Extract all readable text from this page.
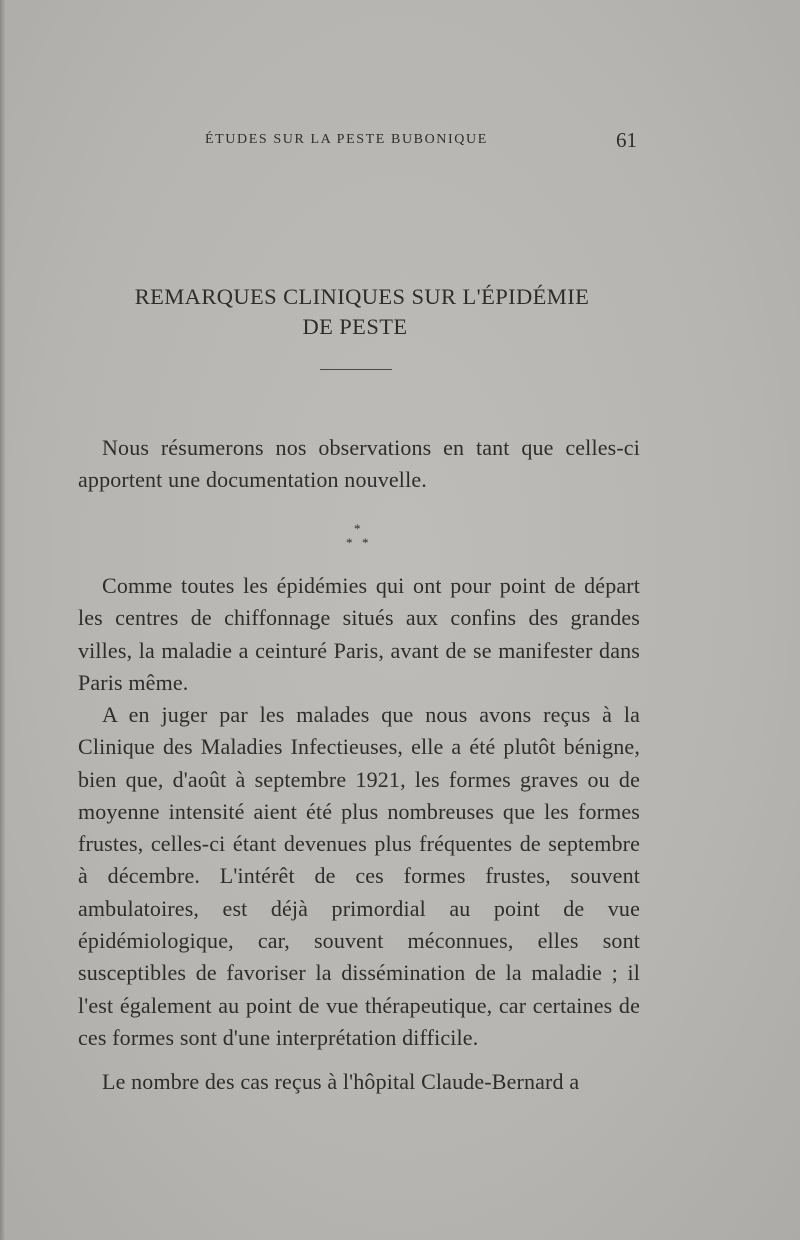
ÉTUDES SUR LA PESTE BUBONIQUE	61
REMARQUES CLINIQUES SUR L'ÉPIDÉMIE
DE PESTE
Nous résumerons nos observations en tant que celles-ci apportent une documentation nouvelle.
*
* *
Comme toutes les épidémies qui ont pour point de départ les centres de chiffonnage situés aux confins des grandes villes, la maladie a ceinturé Paris, avant de se manifester dans Paris même.
A en juger par les malades que nous avons reçus à la Clinique des Maladies Infectieuses, elle a été plutôt bénigne, bien que, d'août à septembre 1921, les formes graves ou de moyenne intensité aient été plus nombreuses que les formes frustes, celles-ci étant devenues plus fréquentes de septembre à décembre. L'intérêt de ces formes frustes, souvent ambulatoires, est déjà primordial au point de vue épidémiologique, car, souvent méconnues, elles sont susceptibles de favoriser la dissémination de la maladie ; il l'est également au point de vue thérapeutique, car certaines de ces formes sont d'une interprétation difficile.
Le nombre des cas reçus à l'hôpital Claude-Bernard a
